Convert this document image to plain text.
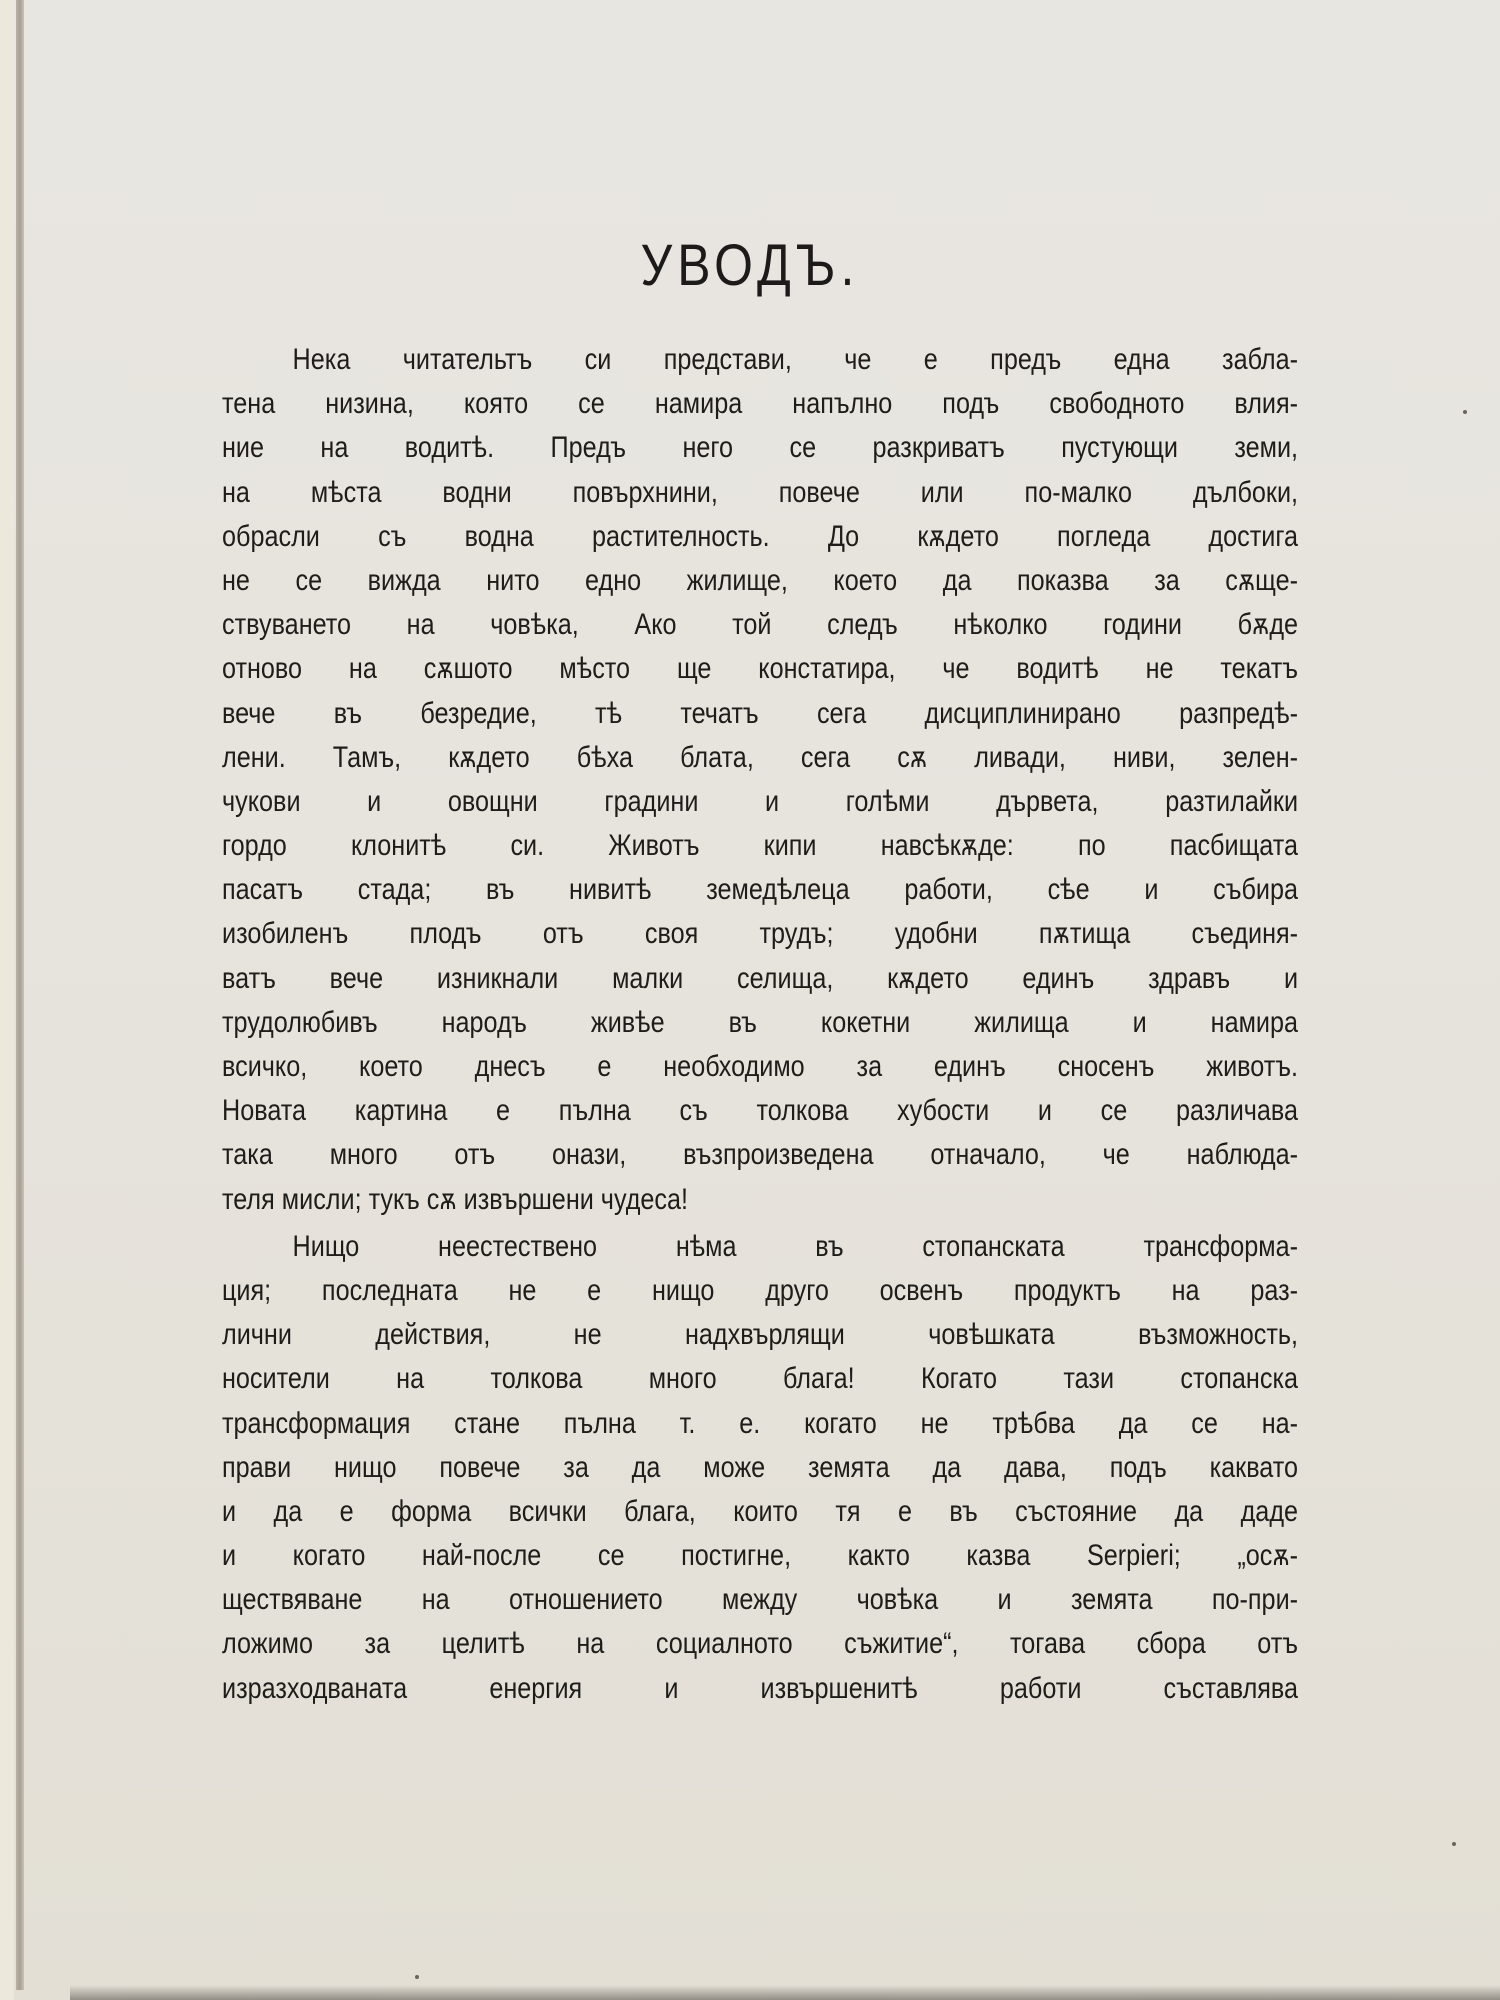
УВОДЪ.
Нека читательтъ си представи, че е предъ една забла-
тена низина, която се намира напълно подъ свободното влия-
ние на водитѣ. Предъ него се разкриватъ пустующи земи,
на мѣста водни повърхнини, повече или по-малко дълбоки,
обрасли съ водна растителность. До кѫдето погледа достига
не се вижда нито едно жилище, което да показва за сѫще-
ствуването на човѣка, Ако той следъ нѣколко години бѫде
отново на сѫшото мѣсто ще констатира, че водитѣ не текатъ
вече въ безредие, тѣ течатъ сега дисциплинирано разпредѣ-
лени. Тамъ, кѫдето бѣха блата, сега сѫ ливади, ниви, зелен-
чукови и овощни градини и голѣми дървета, разтилайки
гордо клонитѣ си. Животъ кипи навсѣкѫде: по пасбищата
пасатъ стада; въ нивитѣ земедѣлеца работи, сѣе и събира
изобиленъ плодъ отъ своя трудъ; удобни пѫтища съединя-
ватъ вече изникнали малки селища, кѫдето единъ здравъ и
трудолюбивъ народъ живѣе въ кокетни жилища и намира
всичко, което днесъ е необходимо за единъ сносенъ животъ.
Новата картина е пълна съ толкова хубости и се различава
така много отъ онази, възпроизведена отначало, че наблюда-
теля мисли; тукъ сѫ извършени чудеса!
Нищо неестествено нѣма въ стопанската трансформа-
ция; последната не е нищо друго освенъ продуктъ на раз-
лични действия, не надхвърлящи човѣшката възможность,
носители на толкова много блага! Когато тази стопанска
трансформация стане пълна т. е. когато не трѣбва да се на-
прави нищо повече за да може земята да дава, подъ каквато
и да е форма всички блага, които тя е въ състояние да даде
и когато най-после се постигне, както казва Serpieri; „осѫ-
ществяване на отношението между човѣка и земята по-при-
ложимо за целитѣ на социалното съжитие“, тогава сбора отъ
изразходваната енергия и извършенитѣ работи съставлява
